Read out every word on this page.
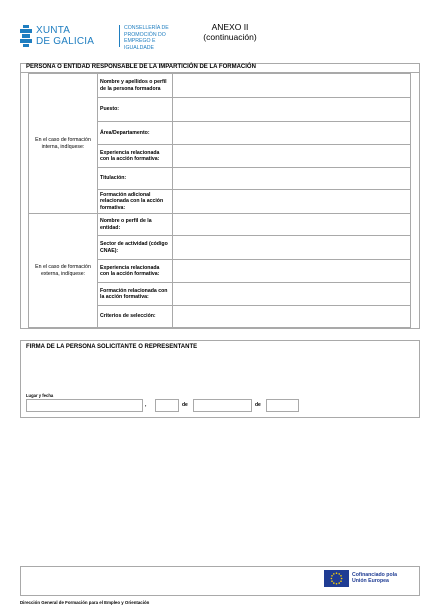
XUNTA
DE GALICIA
CONSELLERÍA DE
PROMOCIÓN DO
EMPREGO E IGUALDADE
ANEXO II
(continuación)
PERSONA O ENTIDAD RESPONSABLE DE LA IMPARTICIÓN DE LA FORMACIÓN
En el caso de formación interna, indíquese:	Nombre y apellidos o perfil de la persona formadora	
	Puesto:	
	Área/Departamento:	
	Experiencia relacionada con la acción formativa:	
	Titulación:	
	Formación adicional relacionada con la acción formativa:	
En el caso de formación externa, indíquese:	Nombre o perfil de la entidad:	
	Sector de actividad (código CNAE):	
	Experiencia relacionada con la acción formativa:	
	Formación relacionada con la acción formativa:	
	Criterios de selección:	
FIRMA DE LA PERSONA SOLICITANTE O REPRESENTANTE
Lugar y fecha
,	de	de
Cofinanciado pola
Unión Europea
Dirección General de Formación para el Empleo y Orientación
